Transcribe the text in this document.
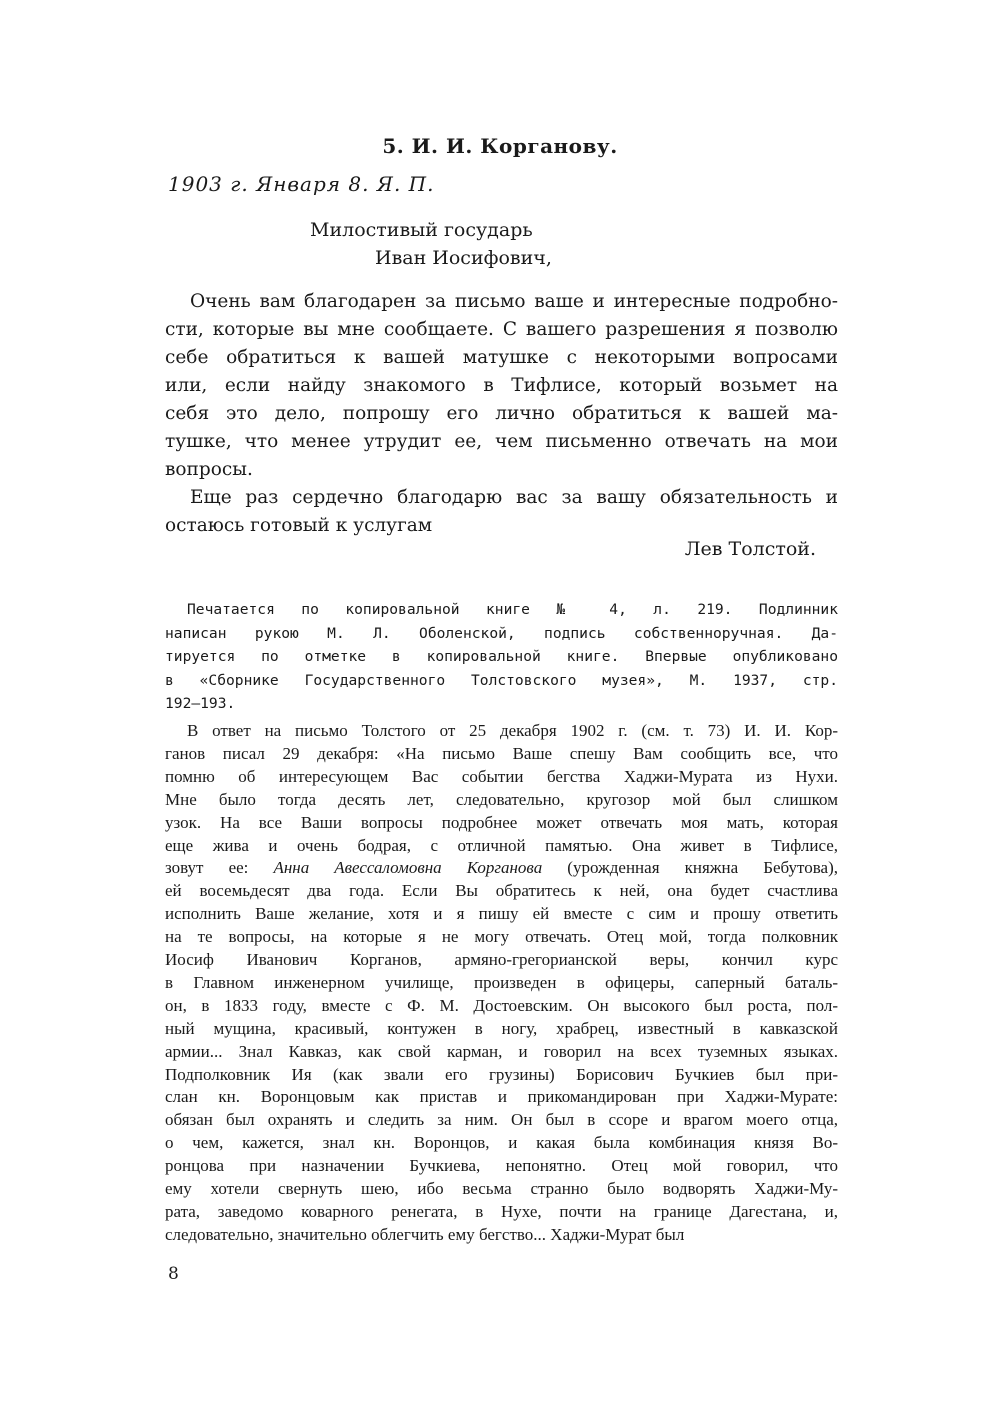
5. И. И. Корганову.
1903 г. Января 8. Я. П.
Милостивый государь
Иван Иосифович,
Очень вам благодарен за письмо ваше и интересные подробно-
сти, которые вы мне сообщаете. С вашего разрешения я позволю
себе обратиться к вашей матушке с некоторыми вопросами
или, если найду знакомого в Тифлисе, который возьмет на
себя это дело, попрошу его лично обратиться к вашей ма-
тушке, что менее утрудит ее, чем письменно отвечать на мои
вопросы.
Еще раз сердечно благодарю вас за вашу обязательность и
остаюсь готовый к услугам
Лев Толстой.
Печатается по копировальной книге № 4, л. 219. Подлинник
написан рукою М. Л. Оболенской, подпись собственноручная. Да-
тируется по отметке в копировальной книге. Впервые опубликовано
в «Сборнике Государственного Толстовского музея», М. 1937, стр.
192—193.
В ответ на письмо Толстого от 25 декабря 1902 г. (см. т. 73) И. И. Кор-
ганов писал 29 декабря: «На письмо Ваше спешу Вам сообщить все, что
помню об интересующем Вас событии бегства Хаджи-Мурата из Нухи.
Мне было тогда десять лет, следовательно, кругозор мой был слишком
узок. На все Ваши вопросы подробнее может отвечать моя мать, которая
еще жива и очень бодрая, с отличной памятью. Она живет в Тифлисе,
зовут ее: Анна Авессаломовна Корганова (урожденная княжна Бебутова),
ей восемьдесят два года. Если Вы обратитесь к ней, она будет счастлива
исполнить Ваше желание, хотя и я пишу ей вместе с сим и прошу ответить
на те вопросы, на которые я не могу отвечать. Отец мой, тогда полковник
Иосиф Иванович Корганов, армяно-грегорианской веры, кончил курс
в Главном инженерном училище, произведен в офицеры, саперный баталь-
он, в 1833 году, вместе с Ф. М. Достоевским. Он высокого был роста, пол-
ный мущина, красивый, контужен в ногу, храбрец, известный в кавказской
армии... Знал Кавказ, как свой карман, и говорил на всех туземных языках.
Подполковник Ия (как звали его грузины) Борисович Бучкиев был при-
слан кн. Воронцовым как пристав и прикомандирован при Хаджи-Мурате:
обязан был охранять и следить за ним. Он был в ссоре и врагом моего отца,
о чем, кажется, знал кн. Воронцов, и какая была комбинация князя Во-
ронцова при назначении Бучкиева, непонятно. Отец мой говорил, что
ему хотели свернуть шею, ибо весьма странно было водворять Хаджи-Му-
рата, заведомо коварного ренегата, в Нухе, почти на границе Дагестана, и,
следовательно, значительно облегчить ему бегство... Хаджи-Мурат был
8
